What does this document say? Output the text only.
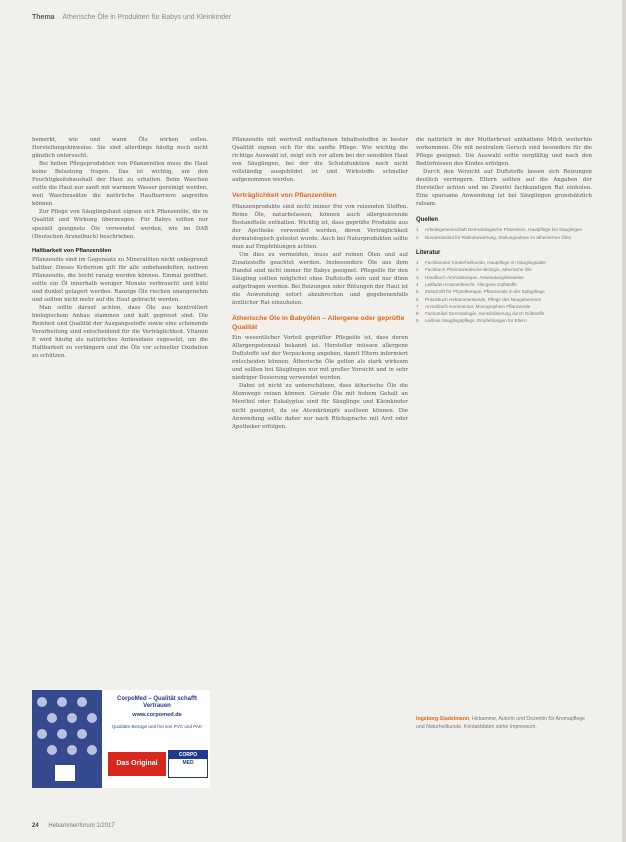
Thema Ätherische Öle in Produkten für Babys und Kleinkinder

bemerkt, wie und wann Öle wirken sollen. Herstellungshinweise. Sie sind allerdings häufig noch nicht gänzlich untersucht.

Bei hellen Pflegeprodukten von Pflanzenölen muss die Haut keine Belastung tragen. Das ist wichtig, um den Feuchtigkeitshaushalt der Haut zu erhalten. Beim Waschen sollte die Haut nur sanft mit warmem Wasser gereinigt werden, weil Waschzusätze die natürliche Hautbarriere angreifen können.

Zur Pflege von Säuglingshaut eignen sich Pflanzenöle, die in Qualität und Wirkung überzeugen. Für Babys sollten nur speziell geeignete Öle verwendet werden, wie im DAB (Deutschen Arzneibuch) beschrieben.

Haltbarkeit von Pflanzenölen

Pflanzenöle sind im Gegensatz zu Mineralölen nicht unbegrenzt haltbar. Dieses Kriterium gilt für alle unbehandelten, nativen Pflanzenöle, die leicht ranzig werden können. Einmal geöffnet, sollte ein Öl innerhalb weniger Monate verbraucht und kühl und dunkel gelagert werden. Ranzige Öle riechen unangenehm und sollten nicht mehr auf die Haut gebracht werden.

Man sollte darauf achten, dass Öle aus kontrolliert biologischem Anbau stammen und kalt gepresst sind. Die Reinheit und Qualität der Ausgangsstoffe sowie eine schonende Verarbeitung sind entscheidend für die Verträglichkeit. Vitamin E wird häufig als natürliches Antioxidans zugesetzt, um die Haltbarkeit zu verlängern und die Öle vor schneller Oxidation zu schützen.

Pflanzenöle mit wertvoll enthaltenen Inhaltsstoffen in bester Qualität eignen sich für die sanfte Pflege. Wie wichtig die richtige Auswahl ist, zeigt sich vor allem bei der sensiblen Haut von Säuglingen, bei der die Schutzfunktion noch nicht vollständig ausgebildet ist und Wirkstoffe schneller aufgenommen werden.

Verträglichkeit von Pflanzenölen

Pflanzenprodukte sind nicht immer frei von reizenden Stoffen. Reine Öle, naturbelassen, können auch allergisierende Bestandteile enthalten. Wichtig ist, dass geprüfte Produkte aus der Apotheke verwendet werden, deren Verträglichkeit dermatologisch getestet wurde. Auch bei Naturprodukten sollte man auf Empfehlungen achten.

Um dies zu vermeiden, muss auf reinen Ölen und auf Zusatzstoffe geachtet werden. Insbesondere Öle aus dem Handel sind nicht immer für Babys geeignet. Pflegeöle für den Säugling sollten möglichst ohne Duftstoffe sein und nur dünn aufgetragen werden. Bei Reizungen oder Rötungen der Haut ist die Anwendung sofort abzubrechen und gegebenenfalls ärztlicher Rat einzuholen.

Ätherische Öle in Babyölen – Allergene oder geprüfte Qualität

Ein wesentlicher Vorteil geprüfter Pflegeöle ist, dass deren Allergenpotenzial bekannt ist. Hersteller müssen allergene Duftstoffe auf der Verpackung angeben, damit Eltern informiert entscheiden können. Ätherische Öle gelten als stark wirksam und sollten bei Säuglingen nur mit großer Vorsicht und in sehr niedriger Dosierung verwendet werden.

Dabei ist nicht zu unterschätzen, dass ätherische Öle die Atemwege reizen können. Gerade Öle mit hohem Gehalt an Menthol oder Eukalyptus sind für Säuglinge und Kleinkinder nicht geeignet, da sie Atemkrämpfe auslösen können. Die Anwendung sollte daher nur nach Rücksprache mit Arzt oder Apotheker erfolgen.

die natürlich in der Mutterbrust enthaltene Milch weiterhin vorkommen. Öle mit neutralem Geruch sind besonders für die Pflege geeignet. Die Auswahl sollte sorgfältig und nach den Bedürfnissen des Kindes erfolgen.

Durch den Verzicht auf Duftstoffe lassen sich Reizungen deutlich verringern. Eltern sollten auf die Angaben der Hersteller achten und im Zweifel fachkundigen Rat einholen. Eine sparsame Anwendung ist bei Säuglingen grundsätzlich ratsam.

Quellen
1 Arbeitsgemeinschaft Dermatologische Prävention, Hautpflege bei Säuglingen
2 Bundesinstitut für Risikobewertung, Stellungnahme zu ätherischen Ölen
Literatur
1 Fachliteratur Kinderheilkunde, Hautpflege im Säuglingsalter
2 Fachbuch Pharmazeutische Biologie, ätherische Öle
3 Handbuch Aromatherapie, Anwendungshinweise
4 Leitfaden Kosmetikrecht, Allergene Duftstoffe
5 Zeitschrift für Phytotherapie, Pflanzenöle in der Babypflege
6 Praxisbuch Hebammenkunde, Pflege des Neugeborenen
7 Arzneibuch-Kommentar, Monographien Pflanzenöle
8 Fachartikel Dermatologie, Sensibilisierung durch Duftstoffe
9 Leitlinie Säuglingspflege, Empfehlungen für Eltern
Ingeborg Stadelmann, Hebamme, Autorin und Dozentin für Aromapflege und Naturheilkunde. Kontaktdaten siehe Impressum.
CorpoMed – Qualität schafft Vertrauen
www.corpomed.de
Qualitäts-Bezüge und frei von PVC und PAK
Das Original
CORPO
MED
24 Hebammenforum 1/2017
